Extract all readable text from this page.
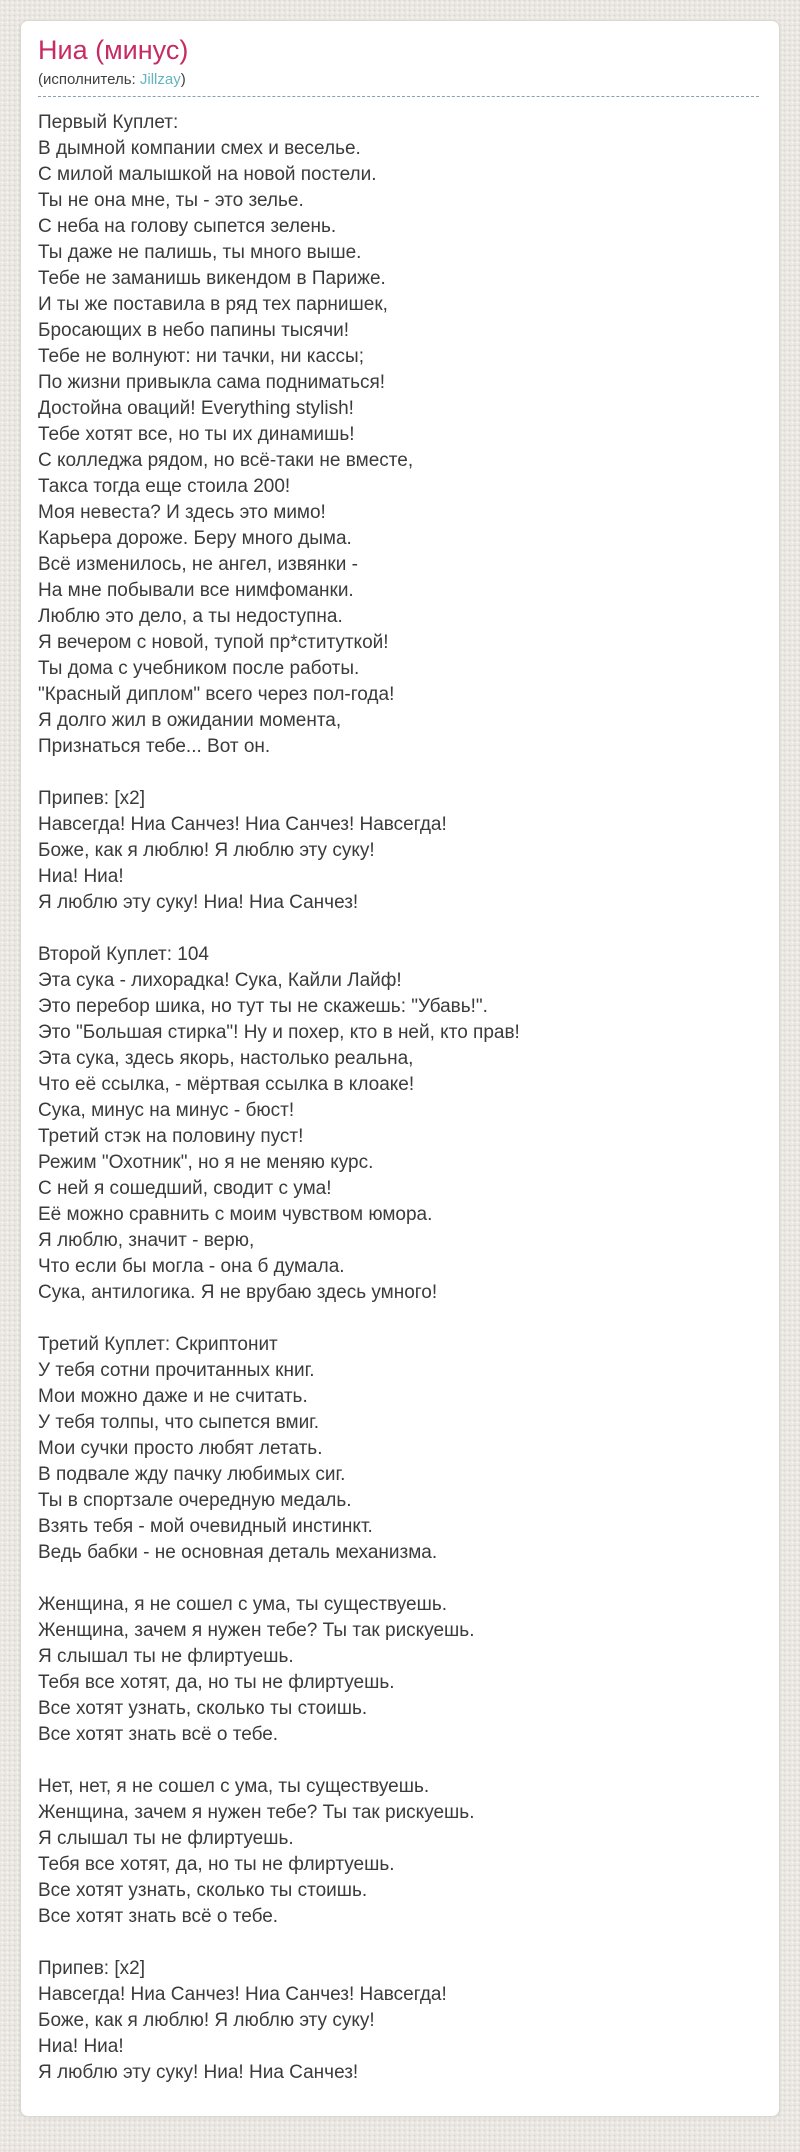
Ниа (минус)
(исполнитель: Jillzay)
Первый Куплет:
В дымной компании смех и веселье.
С милой малышкой на новой постели.
Ты не она мне, ты - это зелье.
С неба на голову сыпется зелень.
Ты даже не палишь, ты много выше.
Тебе не заманишь викендом в Париже.
И ты же поставила в ряд тех парнишек,
Бросающих в небо папины тысячи!
Тебе не волнуют: ни тачки, ни кассы;
По жизни привыкла сама подниматься!
Достойна оваций! Everything stylish!
Тебе хотят все, но ты их динамишь!
С колледжа рядом, но всё-таки не вместе,
Такса тогда еще стоила 200!
Моя невеста? И здесь это мимо!
Карьера дороже. Беру много дыма.
Всё изменилось, не ангел, извянки -
На мне побывали все нимфоманки.
Люблю это дело, а ты недоступна.
Я вечером с новой, тупой пр*ституткой!
Ты дома с учебником после работы.
"Красный диплом" всего через пол-года!
Я долго жил в ожидании момента,
Признаться тебе... Вот он.
Припев: [x2]
Навсегда! Ниа Санчез! Ниа Санчез! Навсегда!
Боже, как я люблю! Я люблю эту суку!
Ниа! Ниа!
Я люблю эту суку! Ниа! Ниа Санчез!
Второй Куплет: 104
Эта сука - лихорадка! Сука, Кайли Лайф!
Это перебор шика, но тут ты не скажешь: "Убавь!".
Это "Большая стирка"! Ну и похер, кто в ней, кто прав!
Эта сука, здесь якорь, настолько реальна,
Что её ссылка, - мёртвая ссылка в клоаке!
Сука, минус на минус - бюст!
Третий стэк на половину пуст!
Режим "Охотник", но я не меняю курс.
С ней я сошедший, сводит с ума!
Её можно сравнить с моим чувством юмора.
Я люблю, значит - верю,
Что если бы могла - она б думала.
Сука, антилогика. Я не врубаю здесь умного!
Третий Куплет: Скриптонит
У тебя сотни прочитанных книг.
Мои можно даже и не считать.
У тебя толпы, что сыпется вмиг.
Мои сучки просто любят летать.
В подвале жду пачку любимых сиг.
Ты в спортзале очередную медаль.
Взять тебя - мой очевидный инстинкт.
Ведь бабки - не основная деталь механизма.
Женщина, я не сошел с ума, ты существуешь.
Женщина, зачем я нужен тебе? Ты так рискуешь.
Я слышал ты не флиртуешь.
Тебя все хотят, да, но ты не флиртуешь.
Все хотят узнать, сколько ты стоишь.
Все хотят знать всё о тебе.
Нет, нет, я не сошел с ума, ты существуешь.
Женщина, зачем я нужен тебе? Ты так рискуешь.
Я слышал ты не флиртуешь.
Тебя все хотят, да, но ты не флиртуешь.
Все хотят узнать, сколько ты стоишь.
Все хотят знать всё о тебе.
Припев: [x2]
Навсегда! Ниа Санчез! Ниа Санчез! Навсегда!
Боже, как я люблю! Я люблю эту суку!
Ниа! Ниа!
Я люблю эту суку! Ниа! Ниа Санчез!
